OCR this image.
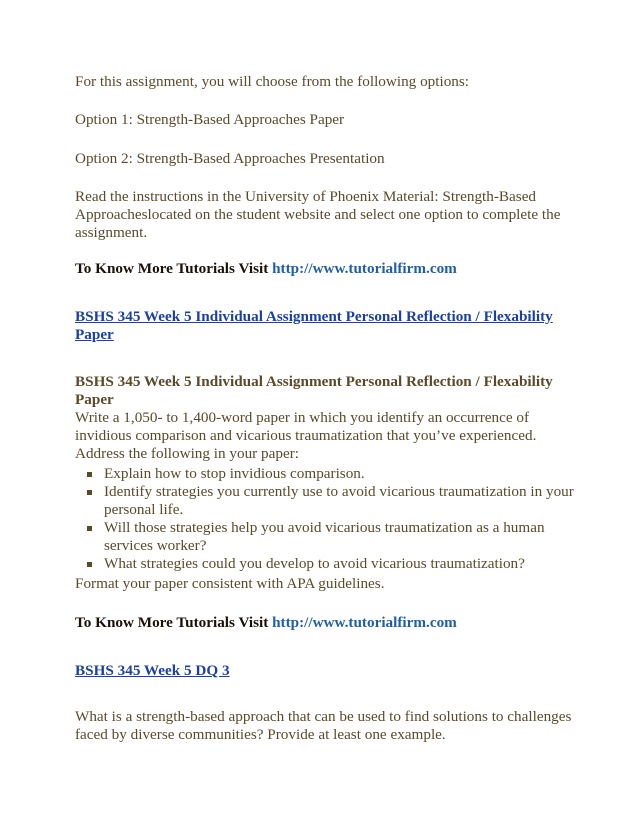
For this assignment, you will choose from the following options:

Option 1: Strength-Based Approaches Paper

Option 2: Strength-Based Approaches Presentation

Read the instructions in the University of Phoenix Material: Strength-Based
Approacheslocated on the student website and select one option to complete the
assignment.

To Know More Tutorials Visit http://www.tutorialfirm.com

BSHS 345 Week 5 Individual Assignment Personal Reflection / Flexability
Paper
BSHS 345 Week 5 Individual Assignment Personal Reflection / Flexability
Paper
Write a 1,050- to 1,400-word paper in which you identify an occurrence of
invidious comparison and vicarious traumatization that you’ve experienced.
Address the following in your paper:
Explain how to stop invidious comparison.
Identify strategies you currently use to avoid vicarious traumatization in your
personal life.
Will those strategies help you avoid vicarious traumatization as a human
services worker?
What strategies could you develop to avoid vicarious traumatization?

Format your paper consistent with APA guidelines.

To Know More Tutorials Visit http://www.tutorialfirm.com

BSHS 345 Week 5 DQ 3

What is a strength-based approach that can be used to find solutions to challenges
faced by diverse communities? Provide at least one example.
